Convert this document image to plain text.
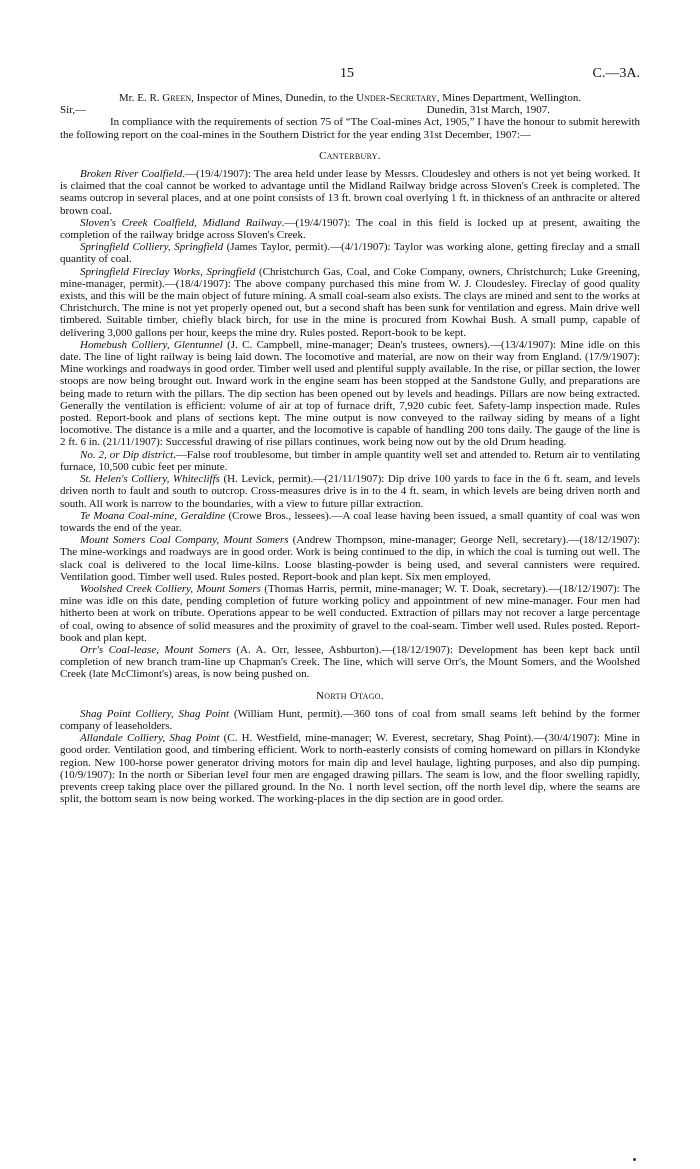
15	C.—3A.

Mr. E. R. Green, Inspector of Mines, Dunedin, to the Under-Secretary, Mines Department, Wellington.

Sir,—	Dunedin, 31st March, 1907.

In compliance with the requirements of section 75 of “The Coal-mines Act, 1905,” I have the honour to submit herewith the following report on the coal-mines in the Southern District for the year ending 31st December, 1907:—

Canterbury.

Broken River Coalfield.—(19/4/1907): The area held under lease by Messrs. Cloudesley and others is not yet being worked. It is claimed that the coal cannot be worked to advantage until the Midland Railway bridge across Sloven's Creek is completed. The seams outcrop in several places, and at one point consists of 13 ft. brown coal overlying 1 ft. in thickness of an anthracite or altered brown coal.

Sloven's Creek Coalfield, Midland Railway.—(19/4/1907): The coal in this field is locked up at present, awaiting the completion of the railway bridge across Sloven's Creek.

Springfield Colliery, Springfield (James Taylor, permit).—(4/1/1907): Taylor was working alone, getting fireclay and a small quantity of coal.

Springfield Fireclay Works, Springfield (Christchurch Gas, Coal, and Coke Company, owners, Christchurch; Luke Greening, mine-manager, permit).—(18/4/1907): The above company purchased this mine from W. J. Cloudesley. Fireclay of good quality exists, and this will be the main object of future mining. A small coal-seam also exists. The clays are mined and sent to the works at Christchurch. The mine is not yet properly opened out, but a second shaft has been sunk for ventilation and egress. Main drive well timbered. Suitable timber, chiefly black birch, for use in the mine is procured from Kowhai Bush. A small pump, capable of delivering 3,000 gallons per hour, keeps the mine dry. Rules posted. Report-book to be kept.

Homebush Colliery, Glentunnel (J. C. Campbell, mine-manager; Dean's trustees, owners).—(13/4/1907): Mine idle on this date. The line of light railway is being laid down. The locomotive and material, are now on their way from England. (17/9/1907): Mine workings and roadways in good order. Timber well used and plentiful supply available. In the rise, or pillar section, the lower stoops are now being brought out. Inward work in the engine seam has been stopped at the Sandstone Gully, and preparations are being made to return with the pillars. The dip section has been opened out by levels and headings. Pillars are now being extracted. Generally the ventilation is efficient: volume of air at top of furnace drift, 7,920 cubic feet. Safety-lamp inspection made. Rules posted. Report-book and plans of sections kept. The mine output is now conveyed to the railway siding by means of a light locomotive. The distance is a mile and a quarter, and the locomotive is capable of handling 200 tons daily. The gauge of the line is 2 ft. 6 in. (21/11/1907): Successful drawing of rise pillars continues, work being now out by the old Drum heading.

No. 2, or Dip district.—False roof troublesome, but timber in ample quantity well set and attended to. Return air to ventilating furnace, 10,500 cubic feet per minute.

St. Helen's Colliery, Whitecliffs (H. Levick, permit).—(21/11/1907): Dip drive 100 yards to face in the 6 ft. seam, and levels driven north to fault and south to outcrop. Cross-measures drive is in to the 4 ft. seam, in which levels are being driven north and south. All work is narrow to the boundaries, with a view to future pillar extraction.

Te Moana Coal-mine, Geraldine (Crowe Bros., lessees).—A coal lease having been issued, a small quantity of coal was won towards the end of the year.

Mount Somers Coal Company, Mount Somers (Andrew Thompson, mine-manager; George Nell, secretary).—(18/12/1907): The mine-workings and roadways are in good order. Work is being continued to the dip, in which the coal is turning out well. The slack coal is delivered to the local lime-kilns. Loose blasting-powder is being used, and several cannisters were required. Ventilation good. Timber well used. Rules posted. Report-book and plan kept. Six men employed.

Woolshed Creek Colliery, Mount Somers (Thomas Harris, permit, mine-manager; W. T. Doak, secretary).—(18/12/1907): The mine was idle on this date, pending completion of future working policy and appointment of new mine-manager. Four men had hitherto been at work on tribute. Operations appear to be well conducted. Extraction of pillars may not recover a large percentage of coal, owing to absence of solid measures and the proximity of gravel to the coal-seam. Timber well used. Rules posted. Report-book and plan kept.

Orr's Coal-lease, Mount Somers (A. A. Orr, lessee, Ashburton).—(18/12/1907): Development has been kept back until completion of new branch tram-line up Chapman's Creek. The line, which will serve Orr's, the Mount Somers, and the Woolshed Creek (late McClimont's) areas, is now being pushed on.

North Otago.

Shag Point Colliery, Shag Point (William Hunt, permit).—360 tons of coal from small seams left behind by the former company of leaseholders.

Allandale Colliery, Shag Point (C. H. Westfield, mine-manager; W. Everest, secretary, Shag Point).—(30/4/1907): Mine in good order. Ventilation good, and timbering efficient. Work to north-easterly consists of coming homeward on pillars in Klondyke region. New 100-horse power generator driving motors for main dip and level haulage, lighting purposes, and also dip pumping. (10/9/1907): In the north or Siberian level four men are engaged drawing pillars. The seam is low, and the floor swelling rapidly, prevents creep taking place over the pillared ground. In the No. 1 north level section, off the north level dip, where the seams are split, the bottom seam is now being worked. The working-places in the dip section are in good order.
